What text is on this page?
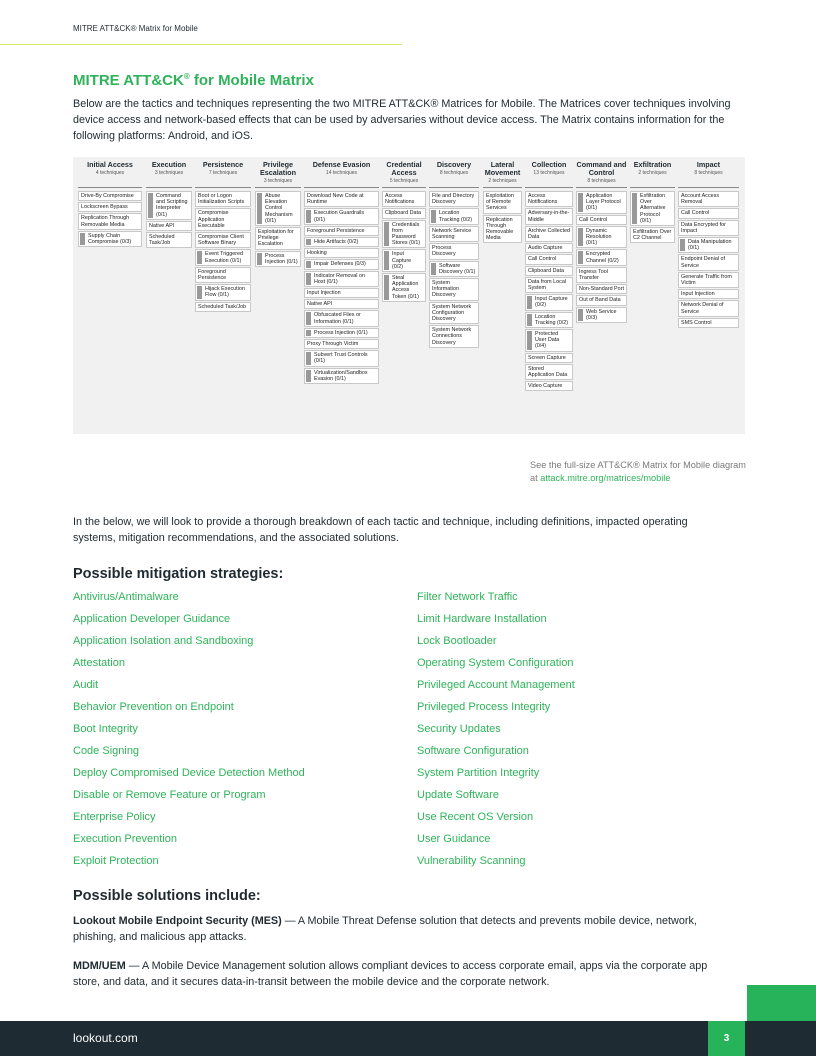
MITRE ATT&CK® Matrix for Mobile
MITRE ATT&CK® for Mobile Matrix

Below are the tactics and techniques representing the two MITRE ATT&CK® Matrices for Mobile. The Matrices cover techniques involving device access and network-based effects that can be used by adversaries without device access. The Matrix contains information for the following platforms: Android, and iOS.

Initial Access
4 techniques
Drive-By Compromise
Lockscreen Bypass
Replication Through Removable Media
Supply Chain Compromise (0/3)
Execution
3 techniques
Command and Scripting Interpreter (0/1)
Native API
Scheduled Task/Job
Persistence
7 techniques
Boot or Logon Initialization Scripts
Compromise Application Executable
Compromise Client Software Binary
Event Triggered Execution (0/1)
Foreground Persistence
Hijack Execution Flow (0/1)
Scheduled Task/Job
Privilege Escalation
3 techniques
Abuse Elevation Control Mechanism (0/1)
Exploitation for Privilege Escalation
Process Injection (0/1)
Defense Evasion
14 techniques
Download New Code at Runtime
Execution Guardrails (0/1)
Foreground Persistence
Hide Artifacts (0/2)
Hooking
Impair Defenses (0/3)
Indicator Removal on Host (0/1)
Input Injection
Native API
Obfuscated Files or Information (0/1)
Process Injection (0/1)
Proxy Through Victim
Subvert Trust Controls (0/1)
Virtualization/Sandbox Evasion (0/1)
Credential Access
5 techniques
Access Notifications
Clipboard Data
Credentials from Password Stores (0/1)
Input Capture (0/2)
Steal Application Access Token (0/1)
Discovery
8 techniques
File and Directory Discovery
Location Tracking (0/2)
Network Service Scanning
Process Discovery
Software Discovery (0/1)
System Information Discovery
System Network Configuration Discovery
System Network Connections Discovery
Lateral Movement
2 techniques
Exploitation of Remote Services
Replication Through Removable Media
Collection
13 techniques
Access Notifications
Adversary-in-the-Middle
Archive Collected Data
Audio Capture
Call Control
Clipboard Data
Data from Local System
Input Capture (0/2)
Location Tracking (0/2)
Protected User Data (0/4)
Screen Capture
Stored Application Data
Video Capture
Command and Control
8 techniques
Application Layer Protocol (0/1)
Call Control
Dynamic Resolution (0/1)
Encrypted Channel (0/2)
Ingress Tool Transfer
Non-Standard Port
Out of Band Data
Web Service (0/3)
Exfiltration
2 techniques
Exfiltration Over Alternative Protocol (0/1)
Exfiltration Over C2 Channel
Impact
8 techniques
Account Access Removal
Call Control
Data Encrypted for Impact
Data Manipulation (0/1)
Endpoint Denial of Service
Generate Traffic from Victim
Input Injection
Network Denial of Service
SMS Control

See the full-size ATT&CK® Matrix for Mobile diagram at attack.mitre.org/matrices/mobile

In the below, we will look to provide a thorough breakdown of each tactic and technique, including definitions, impacted operating systems, mitigation recommendations, and the associated solutions.

Possible mitigation strategies:
Antivirus/Antimalware
Application Developer Guidance
Application Isolation and Sandboxing
Attestation
Audit
Behavior Prevention on Endpoint
Boot Integrity
Code Signing
Deploy Compromised Device Detection Method
Disable or Remove Feature or Program
Enterprise Policy
Execution Prevention
Exploit Protection
Filter Network Traffic
Limit Hardware Installation
Lock Bootloader
Operating System Configuration
Privileged Account Management
Privileged Process Integrity
Security Updates
Software Configuration
System Partition Integrity
Update Software
Use Recent OS Version
User Guidance
Vulnerability Scanning
Possible solutions include:

Lookout Mobile Endpoint Security (MES) — A Mobile Threat Defense solution that detects and prevents mobile device, network, phishing, and malicious app attacks.

MDM/UEM — A Mobile Device Management solution allows compliant devices to access corporate email, apps via the corporate app store, and data, and it secures data-in-transit between the mobile device and the corporate network.

lookout.com	3
